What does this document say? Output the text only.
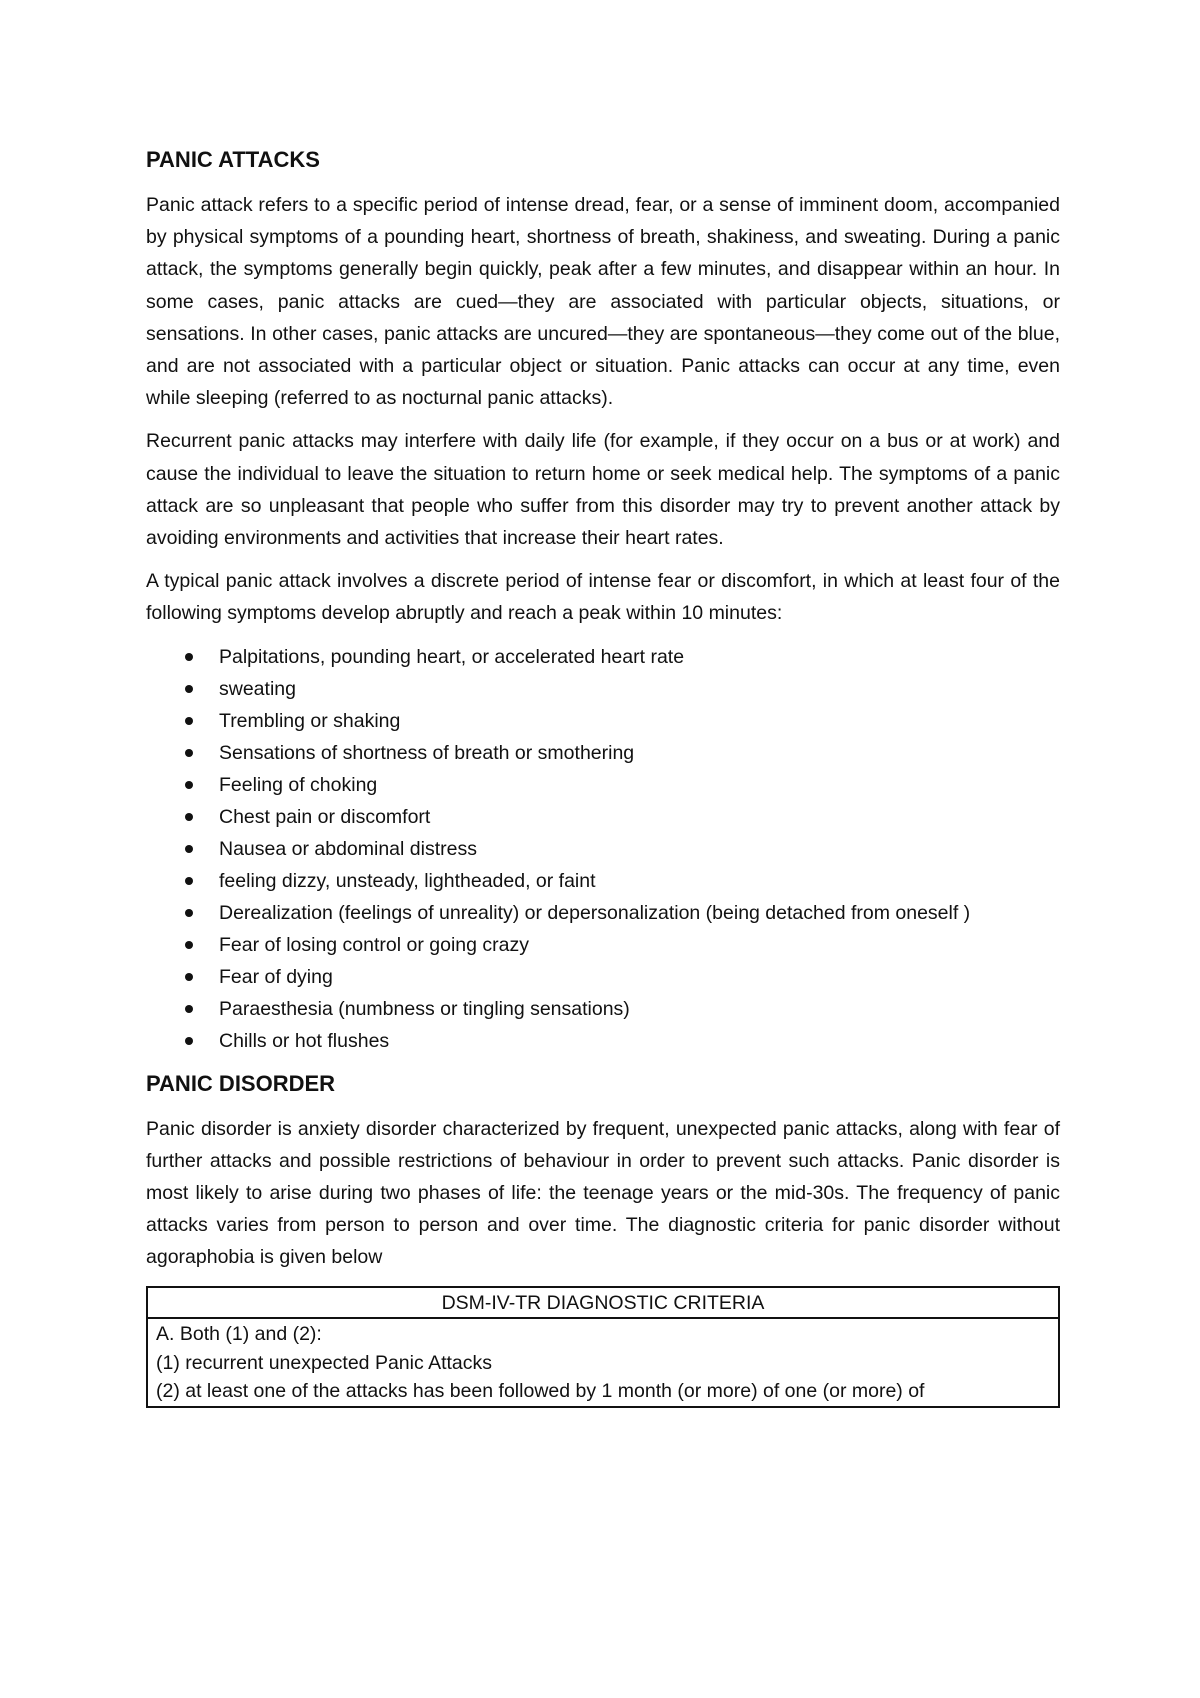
PANIC ATTACKS

Panic attack refers to a specific period of intense dread, fear, or a sense of imminent doom, accompanied by physical symptoms of a pounding heart, shortness of breath, shakiness, and sweating. During a panic attack, the symptoms generally begin quickly, peak after a few minutes, and disappear within an hour. In some cases, panic attacks are cued—they are associated with particular objects, situations, or sensations. In other cases, panic attacks are uncured—they are spontaneous—they come out of the blue, and are not associated with a particular object or situation. Panic attacks can occur at any time, even while sleeping (referred to as nocturnal panic attacks).

Recurrent panic attacks may interfere with daily life (for example, if they occur on a bus or at work) and cause the individual to leave the situation to return home or seek medical help. The symptoms of a panic attack are so unpleasant that people who suffer from this disorder may try to prevent another attack by avoiding environments and activities that increase their heart rates.

A typical panic attack involves a discrete period of intense fear or discomfort, in which at least four of the following symptoms develop abruptly and reach a peak within 10 minutes:

Palpitations, pounding heart, or accelerated heart rate
sweating
Trembling or shaking
Sensations of shortness of breath or smothering
Feeling of choking
Chest pain or discomfort
Nausea or abdominal distress
feeling dizzy, unsteady, lightheaded, or faint
Derealization (feelings of unreality) or depersonalization (being detached from oneself )
Fear of losing control or going crazy
Fear of dying
Paraesthesia (numbness or tingling sensations)
Chills or hot flushes
PANIC DISORDER

Panic disorder is anxiety disorder characterized by frequent, unexpected panic attacks, along with fear of further attacks and possible restrictions of behaviour in order to prevent such attacks. Panic disorder is most likely to arise during two phases of life: the teenage years or the mid-30s. The frequency of panic attacks varies from person to person and over time. The diagnostic criteria for panic disorder without agoraphobia is given below

DSM-IV-TR DIAGNOSTIC CRITERIA

A. Both (1) and (2):
(1) recurrent unexpected Panic Attacks
(2) at least one of the attacks has been followed by 1 month (or more) of one (or more) of
